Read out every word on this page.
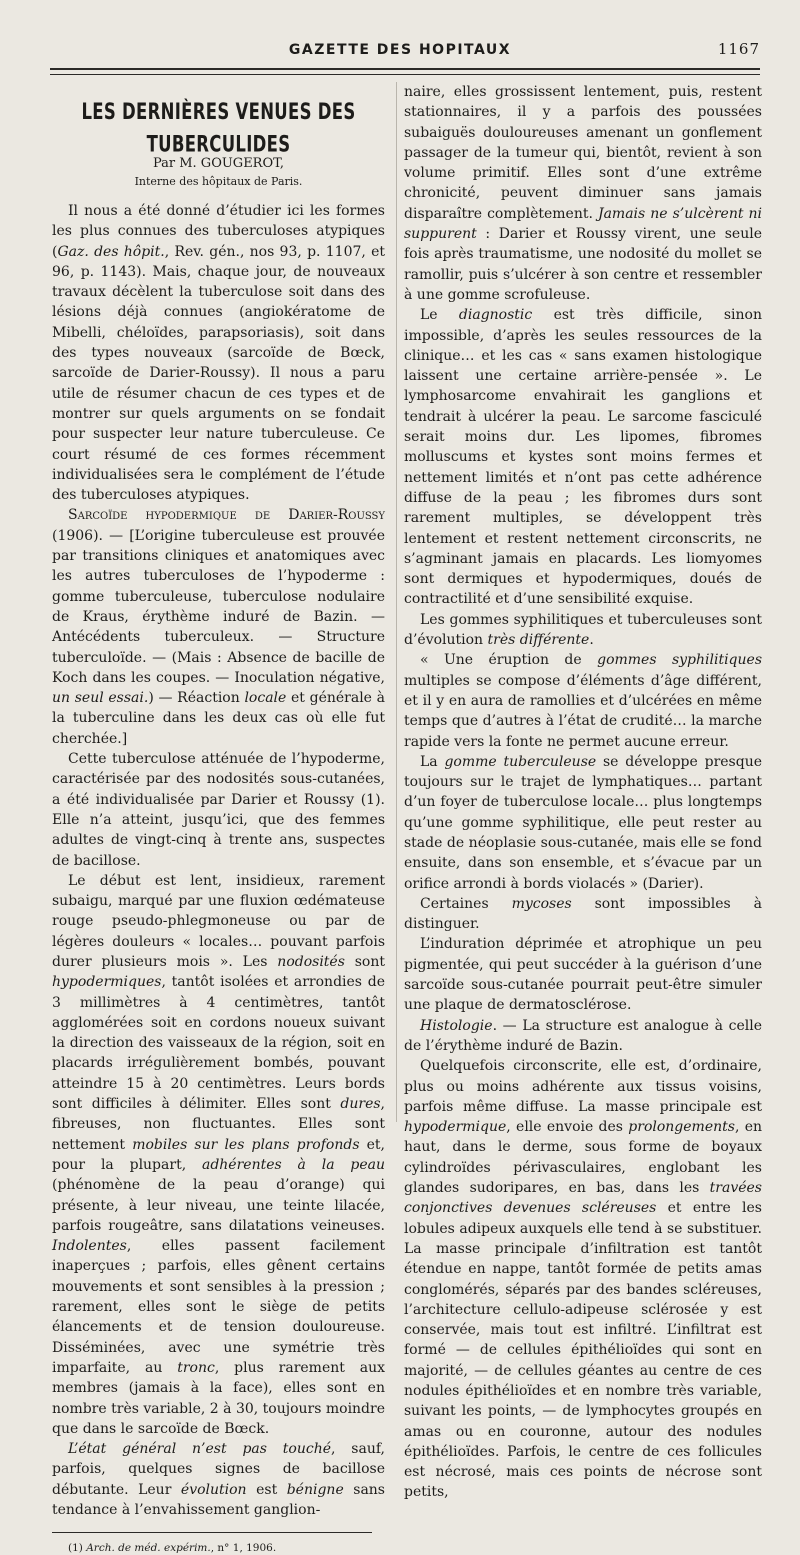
GAZETTE DES HOPITAUX	1167
LES DERNIÈRES VENUES DES TUBERCULIDES
Par M. GOUGEROT,
Interne des hôpitaux de Paris.

Il nous a été donné d’étudier ici les formes les plus connues des tuberculoses atypiques (Gaz. des hôpit., Rev. gén., nos 93, p. 1107, et 96, p. 1143). Mais, chaque jour, de nouveaux travaux décèlent la tuberculose soit dans des lésions déjà connues (angiokératome de Mibelli, chéloïdes, parapsoriasis), soit dans des types nouveaux (sarcoïde de Bœck, sarcoïde de Darier-Roussy). Il nous a paru utile de résumer chacun de ces types et de montrer sur quels arguments on se fondait pour suspecter leur nature tuberculeuse. Ce court résumé de ces formes récemment individualisées sera le complément de l’étude des tuberculoses atypiques.

Sarcoïde hypodermique de Darier-Roussy (1906). — [L’origine tuberculeuse est prouvée par transitions cliniques et anatomiques avec les autres tuberculoses de l’hypoderme : gomme tuberculeuse, tuberculose nodulaire de Kraus, érythème induré de Bazin. — Antécédents tuberculeux. — Structure tuberculoïde. — (Mais : Absence de bacille de Koch dans les coupes. — Inoculation négative, un seul essai.) — Réaction locale et générale à la tuberculine dans les deux cas où elle fut cherchée.]

Cette tuberculose atténuée de l’hypoderme, caractérisée par des nodosités sous-cutanées, a été individualisée par Darier et Roussy (1). Elle n’a atteint, jusqu’ici, que des femmes adultes de vingt-cinq à trente ans, suspectes de bacillose.

Le début est lent, insidieux, rarement subaigu, marqué par une fluxion œdémateuse rouge pseudo-phlegmoneuse ou par de légères douleurs « locales… pouvant parfois durer plusieurs mois ». Les nodosités sont hypodermiques, tantôt isolées et arrondies de 3 millimètres à 4 centimètres, tantôt agglomérées soit en cordons noueux suivant la direction des vaisseaux de la région, soit en placards irrégulièrement bombés, pouvant atteindre 15 à 20 centimètres. Leurs bords sont difficiles à délimiter. Elles sont dures, fibreuses, non fluctuantes. Elles sont nettement mobiles sur les plans profonds et, pour la plupart, adhérentes à la peau (phénomène de la peau d’orange) qui présente, à leur niveau, une teinte lilacée, parfois rougeâtre, sans dilatations veineuses. Indolentes, elles passent facilement inaperçues ; parfois, elles gênent certains mouvements et sont sensibles à la pression ; rarement, elles sont le siège de petits élancements et de tension douloureuse. Disséminées, avec une symétrie très imparfaite, au tronc, plus rarement aux membres (jamais à la face), elles sont en nombre très variable, 2 à 30, toujours moindre que dans le sarcoïde de Bœck.

L’état général n’est pas touché, sauf, parfois, quelques signes de bacillose débutante. Leur évolution est bénigne sans tendance à l’envahissement ganglion-

(1) Arch. de méd. expérim., n° 1, 1906.

naire, elles grossissent lentement, puis, restent stationnaires, il y a parfois des poussées subaiguës douloureuses amenant un gonflement passager de la tumeur qui, bientôt, revient à son volume primitif. Elles sont d’une extrême chronicité, peuvent diminuer sans jamais disparaître complètement. Jamais ne s’ulcèrent ni suppurent : Darier et Roussy virent, une seule fois après traumatisme, une nodosité du mollet se ramollir, puis s’ulcérer à son centre et ressembler à une gomme scrofuleuse.

Le diagnostic est très difficile, sinon impossible, d’après les seules ressources de la clinique… et les cas « sans examen histologique laissent une certaine arrière-pensée ». Le lymphosarcome envahirait les ganglions et tendrait à ulcérer la peau. Le sarcome fasciculé serait moins dur. Les lipomes, fibromes molluscums et kystes sont moins fermes et nettement limités et n’ont pas cette adhérence diffuse de la peau ; les fibromes durs sont rarement multiples, se développent très lentement et restent nettement circonscrits, ne s’agminant jamais en placards. Les liomyomes sont dermiques et hypodermiques, doués de contractilité et d’une sensibilité exquise.

Les gommes syphilitiques et tuberculeuses sont d’évolution très différente.

« Une éruption de gommes syphilitiques multiples se compose d’éléments d’âge différent, et il y en aura de ramollies et d’ulcérées en même temps que d’autres à l’état de crudité… la marche rapide vers la fonte ne permet aucune erreur.

La gomme tuberculeuse se développe presque toujours sur le trajet de lymphatiques… partant d’un foyer de tuberculose locale… plus longtemps qu’une gomme syphilitique, elle peut rester au stade de néoplasie sous-cutanée, mais elle se fond ensuite, dans son ensemble, et s’évacue par un orifice arrondi à bords violacés » (Darier).

Certaines mycoses sont impossibles à distinguer.

L’induration déprimée et atrophique un peu pigmentée, qui peut succéder à la guérison d’une sarcoïde sous-cutanée pourrait peut-être simuler une plaque de dermatosclérose.

Histologie. — La structure est analogue à celle de l’érythème induré de Bazin.

Quelquefois circonscrite, elle est, d’ordinaire, plus ou moins adhérente aux tissus voisins, parfois même diffuse. La masse principale est hypodermique, elle envoie des prolongements, en haut, dans le derme, sous forme de boyaux cylindroïdes périvasculaires, englobant les glandes sudoripares, en bas, dans les travées conjonctives devenues scléreuses et entre les lobules adipeux auxquels elle tend à se substituer. La masse principale d’infiltration est tantôt étendue en nappe, tantôt formée de petits amas conglomérés, séparés par des bandes scléreuses, l’architecture cellulo-adipeuse sclérosée y est conservée, mais tout est infiltré. L’infiltrat est formé — de cellules épithélioïdes qui sont en majorité, — de cellules géantes au centre de ces nodules épithélioïdes et en nombre très variable, suivant les points, — de lymphocytes groupés en amas ou en couronne, autour des nodules épithélioïdes. Parfois, le centre de ces follicules est nécrosé, mais ces points de nécrose sont petits,
